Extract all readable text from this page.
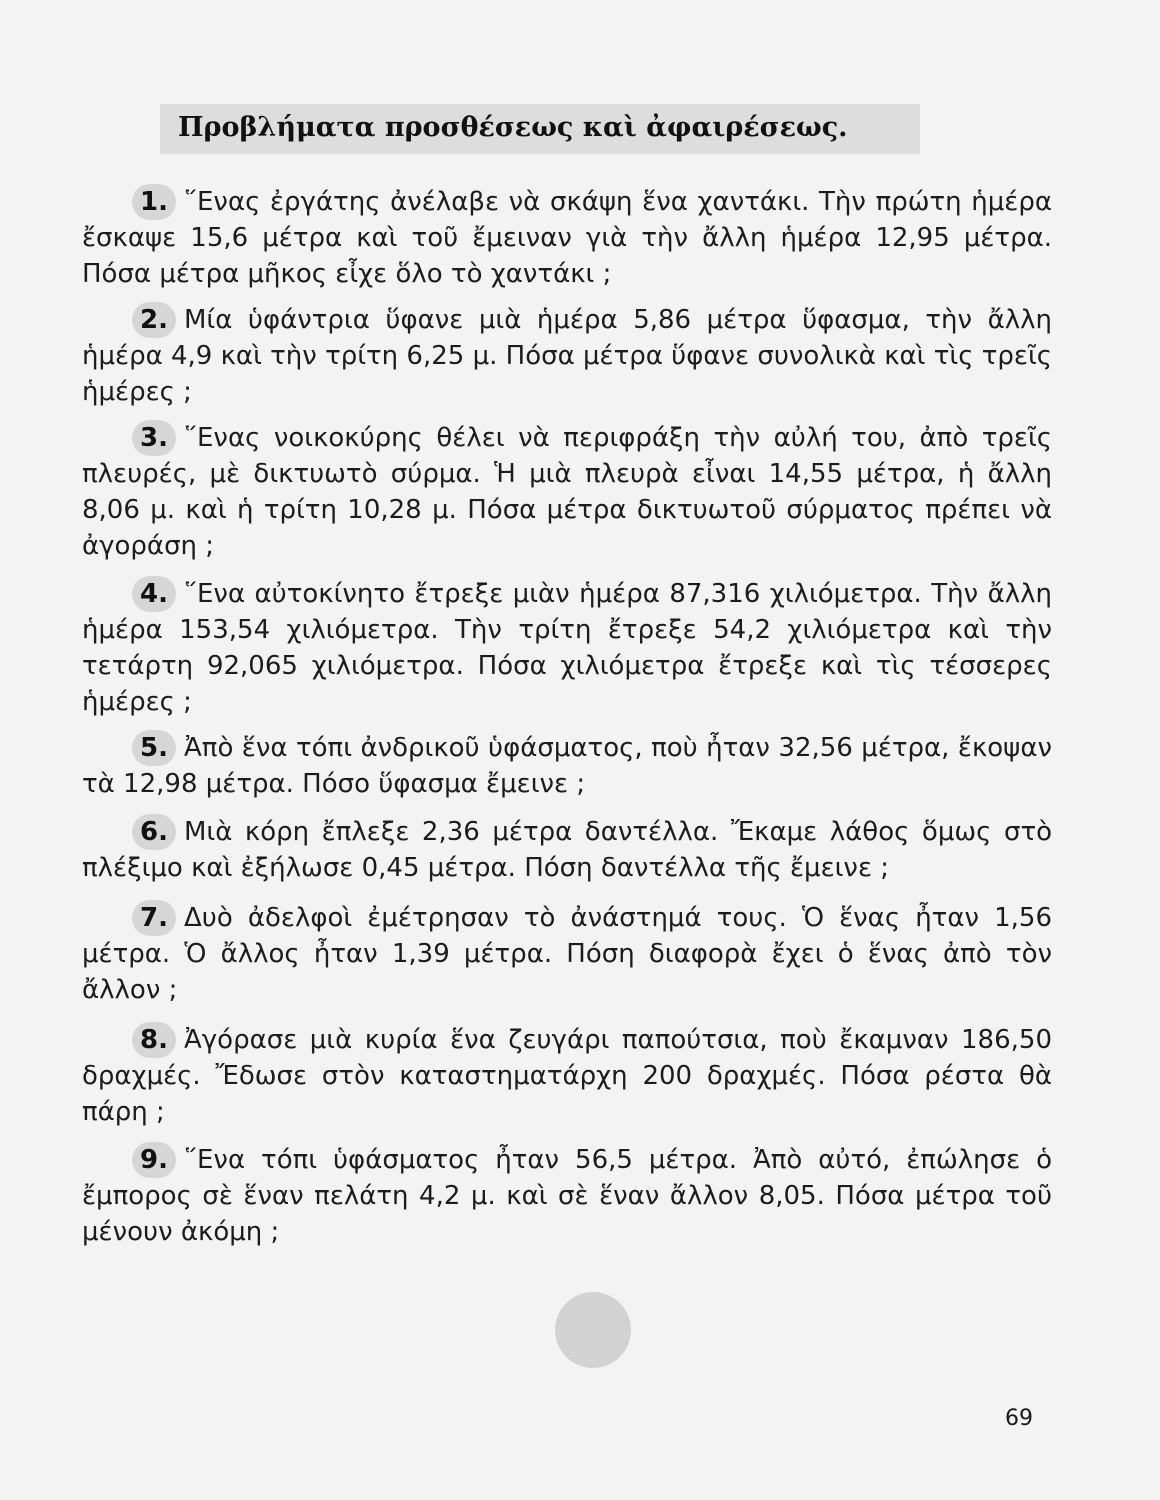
Προβλήματα προσθέσεως καὶ ἀφαιρέσεως.

1. ῞Ενας ἐργάτης ἀνέλαβε νὰ σκάψη ἕνα χαντάκι. Τὴν πρώτη ἡμέρα ἔσκαψε 15,6 μέτρα καὶ τοῦ ἔμειναν γιὰ τὴν ἄλλη ἡμέρα 12,95 μέτρα. Πόσα μέτρα μῆκος εἶχε ὅλο τὸ χαντάκι ;

2. Μία ὑφάντρια ὕφανε μιὰ ἡμέρα 5,86 μέτρα ὕφασμα, τὴν ἄλλη ἡμέρα 4,9 καὶ τὴν τρίτη 6,25 μ. Πόσα μέτρα ὕφανε συνολικὰ καὶ τὶς τρεῖς ἡμέρες ;

3. ῞Ενας νοικοκύρης θέλει νὰ περιφράξη τὴν αὐλή του, ἀπὸ τρεῖς πλευρές, μὲ δικτυωτὸ σύρμα. Ἡ μιὰ πλευρὰ εἶναι 14,55 μέτρα, ἡ ἄλλη 8,06 μ. καὶ ἡ τρίτη 10,28 μ. Πόσα μέτρα δικτυωτοῦ σύρματος πρέπει νὰ ἀγοράση ;

4. ῞Ενα αὐτοκίνητο ἔτρεξε μιὰν ἡμέρα 87,316 χιλιόμετρα. Τὴν ἄλλη ἡμέρα 153,54 χιλιόμετρα. Τὴν τρίτη ἔτρεξε 54,2 χιλιόμετρα καὶ τὴν τετάρτη 92,065 χιλιόμετρα. Πόσα χιλιόμετρα ἔτρεξε καὶ τὶς τέσσερες ἡμέρες ;

5. Ἀπὸ ἕνα τόπι ἀνδρικοῦ ὑφάσματος, ποὺ ἦταν 32,56 μέτρα, ἔκοψαν τὰ 12,98 μέτρα. Πόσο ὕφασμα ἔμεινε ;

6. Μιὰ κόρη ἔπλεξε 2,36 μέτρα δαντέλλα. Ἔκαμε λάθος ὅμως στὸ πλέξιμο καὶ ἐξήλωσε 0,45 μέτρα. Πόση δαντέλλα τῆς ἔμεινε ;

7. Δυὸ ἀδελφοὶ ἐμέτρησαν τὸ ἀνάστημά τους. Ὁ ἕνας ἦταν 1,56 μέτρα. Ὁ ἄλλος ἦταν 1,39 μέτρα. Πόση διαφορὰ ἔχει ὁ ἕνας ἀπὸ τὸν ἄλλον ;

8. Ἀγόρασε μιὰ κυρία ἕνα ζευγάρι παπούτσια, ποὺ ἔκαμναν 186,50 δραχμές. Ἔδωσε στὸν καταστηματάρχη 200 δραχμές. Πόσα ρέστα θὰ πάρη ;

9. ῞Ενα τόπι ὑφάσματος ἦταν 56,5 μέτρα. Ἀπὸ αὐτό, ἐπώλησε ὁ ἔμπορος σὲ ἕναν πελάτη 4,2 μ. καὶ σὲ ἕναν ἄλλον 8,05. Πόσα μέτρα τοῦ μένουν ἀκόμη ;

69
